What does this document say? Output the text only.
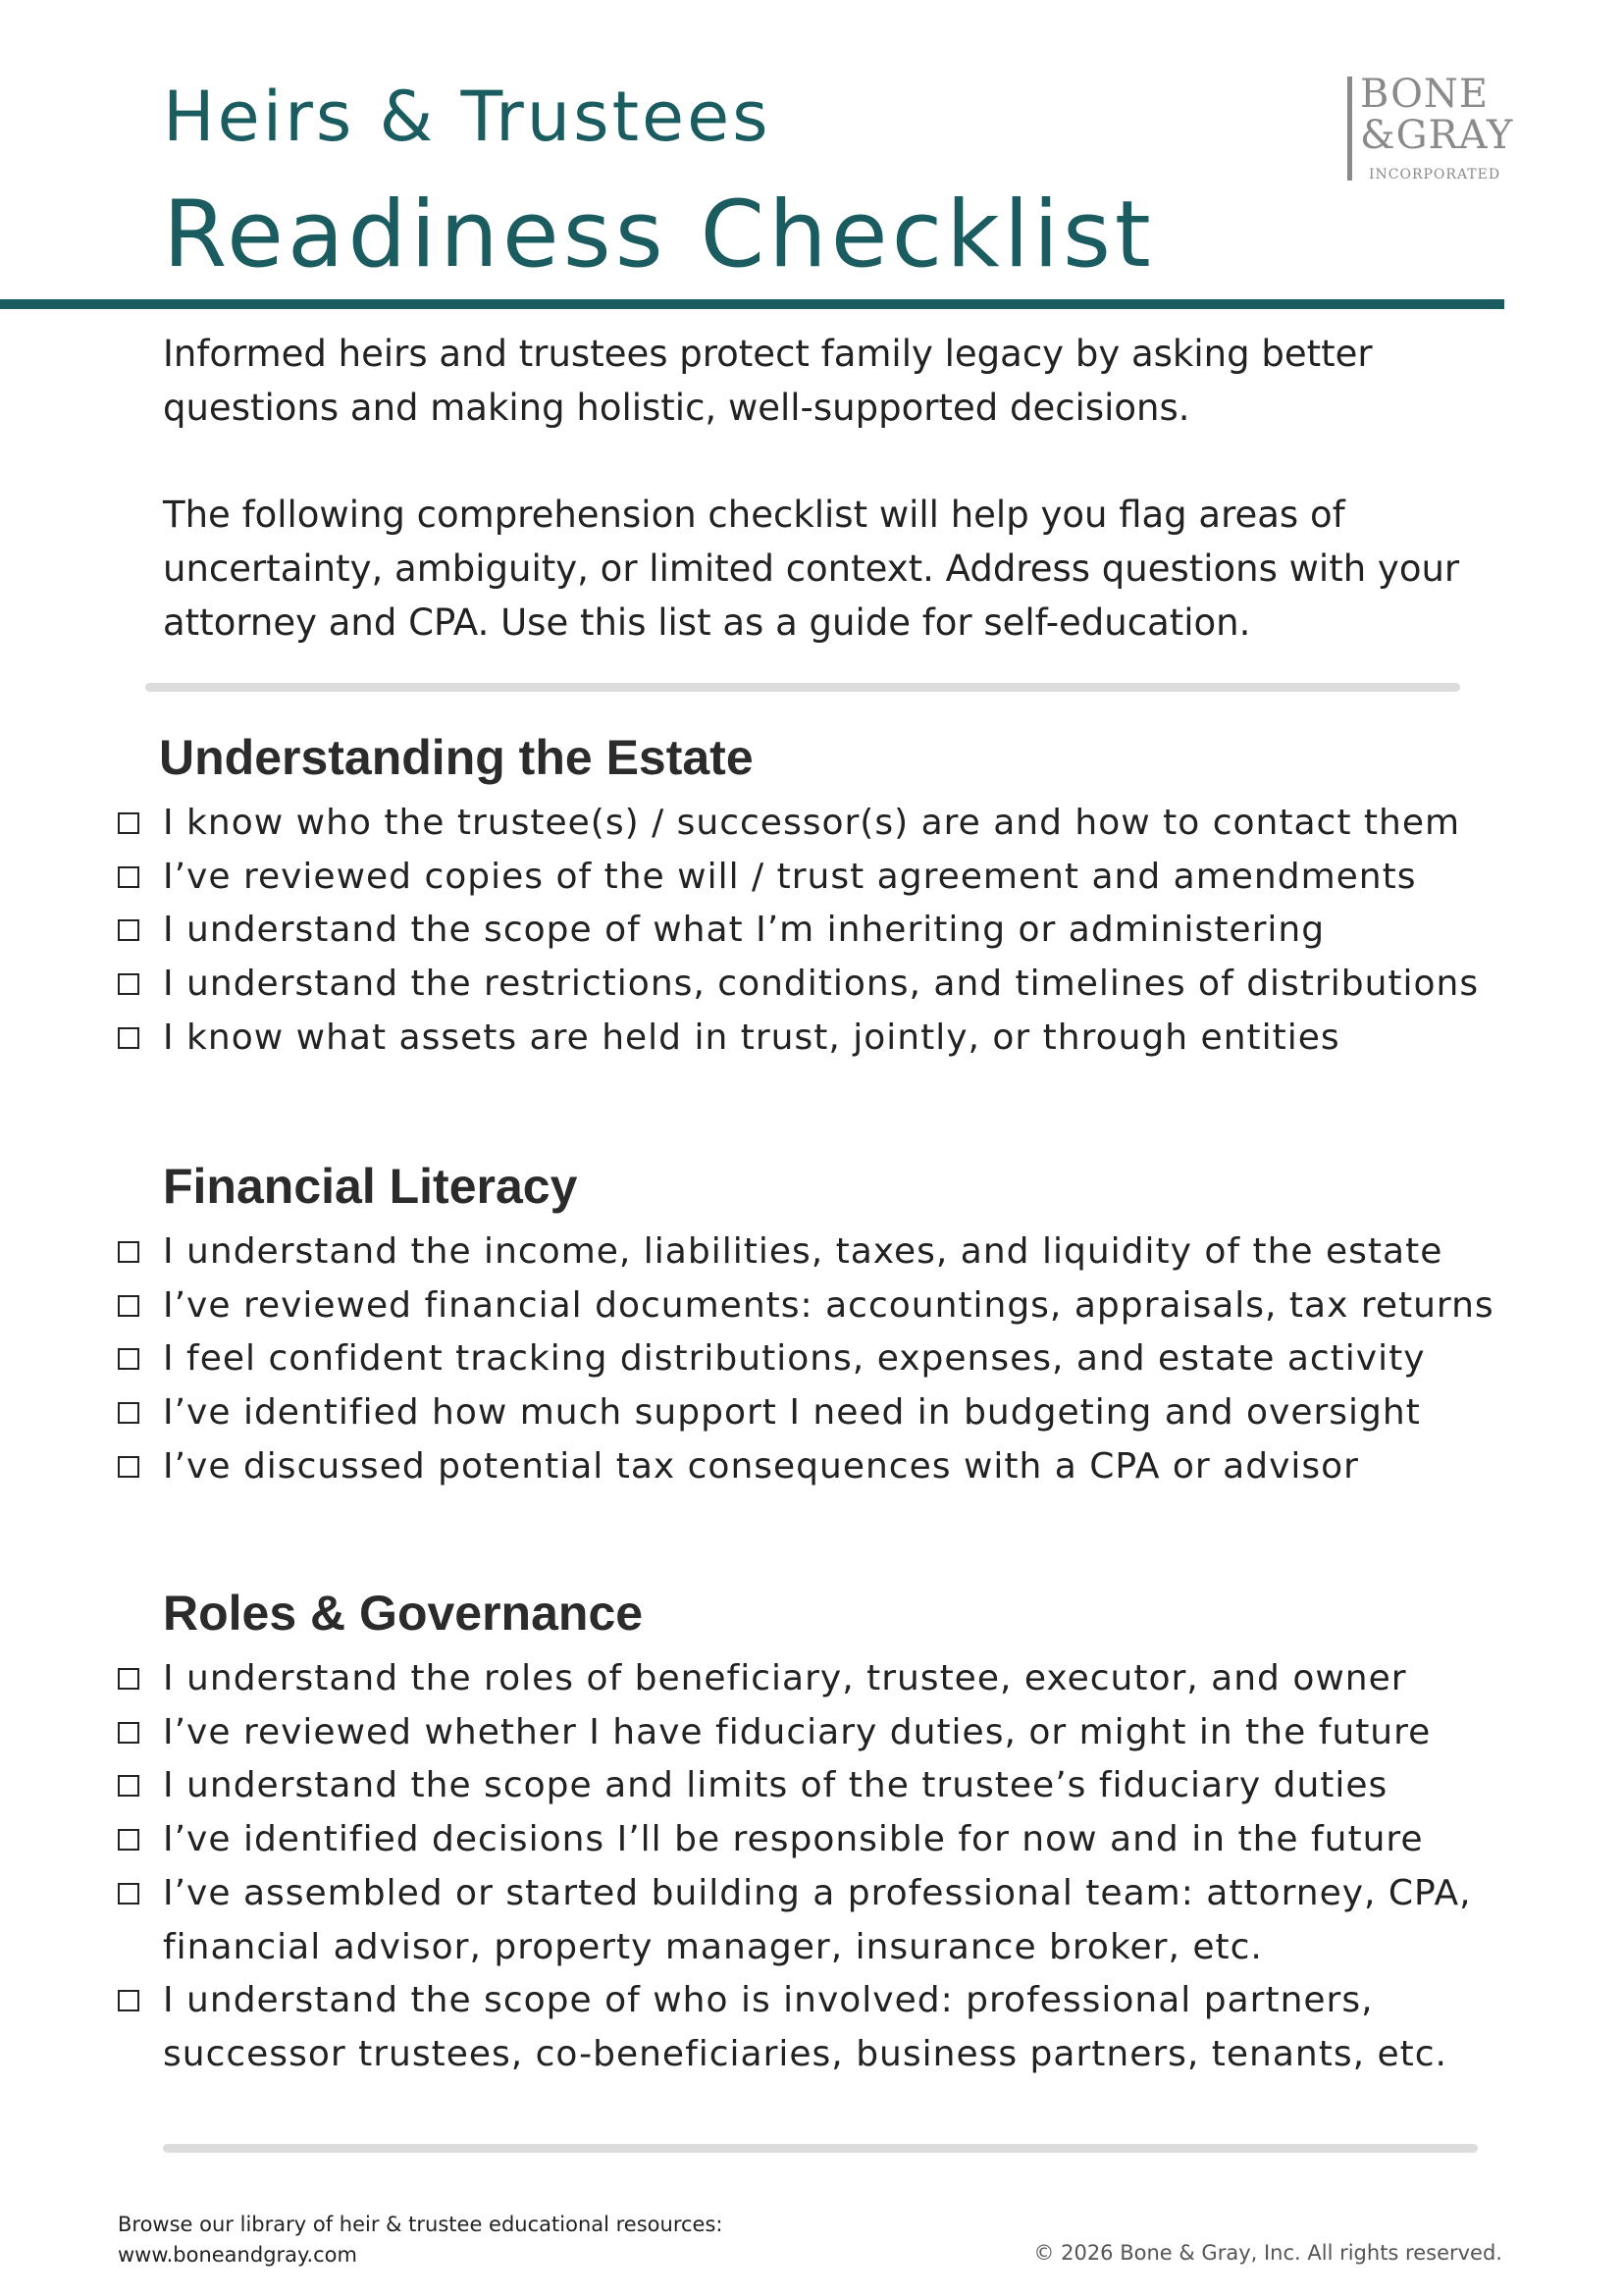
Heirs & Trustees
Readiness Checklist
BONE
&GRAY
INCORPORATED

Informed heirs and trustees protect family legacy by asking better questions and making holistic, well-supported decisions.

The following comprehension checklist will help you flag areas of uncertainty, ambiguity, or limited context. Address questions with your attorney and CPA. Use this list as a guide for self-education.

Understanding the Estate
I know who the trustee(s) / successor(s) are and how to contact them
I’ve reviewed copies of the will / trust agreement and amendments
I understand the scope of what I’m inheriting or administering
I understand the restrictions, conditions, and timelines of distributions
I know what assets are held in trust, jointly, or through entities
Financial Literacy
I understand the income, liabilities, taxes, and liquidity of the estate
I’ve reviewed financial documents: accountings, appraisals, tax returns
I feel confident tracking distributions, expenses, and estate activity
I’ve identified how much support I need in budgeting and oversight
I’ve discussed potential tax consequences with a CPA or advisor
Roles & Governance
I understand the roles of beneficiary, trustee, executor, and owner
I’ve reviewed whether I have fiduciary duties, or might in the future
I understand the scope and limits of the trustee’s fiduciary duties
I’ve identified decisions I’ll be responsible for now and in the future
I’ve assembled or started building a professional team: attorney, CPA,
financial advisor, property manager, insurance broker, etc.
I understand the scope of who is involved: professional partners,
successor trustees, co-beneficiaries, business partners, tenants, etc.
Browse our library of heir & trustee educational resources:
www.boneandgray.com	© 2026 Bone & Gray, Inc. All rights reserved.
